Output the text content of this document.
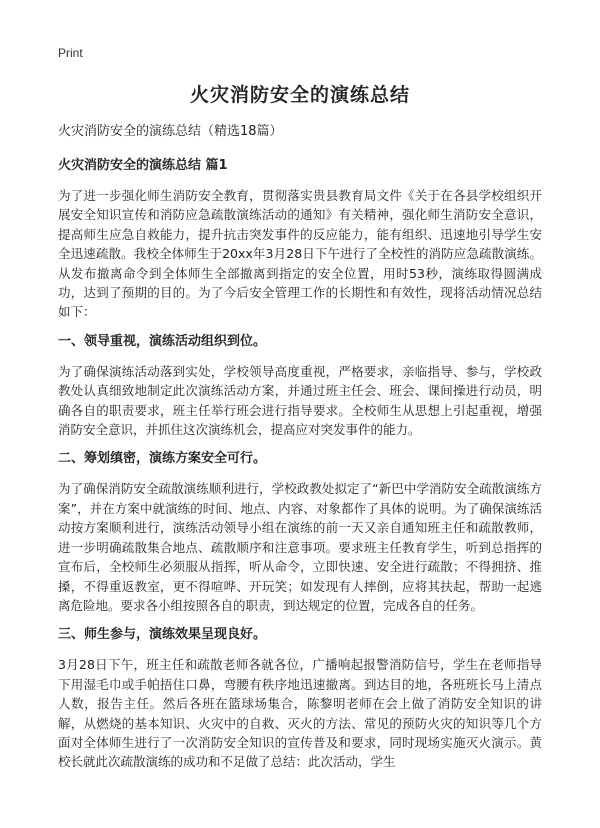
Print
火灾消防安全的演练总结

火灾消防安全的演练总结（精选18篇）

火灾消防安全的演练总结 篇1

为了进一步强化师生消防安全教育，贯彻落实贵县教育局文件《关于在各县学校组织开展安全知识宣传和消防应急疏散演练活动的通知》有关精神，强化师生消防安全意识，提高师生应急自救能力，提升抗击突发事件的反应能力，能有组织、迅速地引导学生安全迅速疏散。我校全体师生于20xx年3月28日下午进行了全校性的消防应急疏散演练。从发布撤离命令到全体师生全部撤离到指定的安全位置，用时53秒，演练取得圆满成功，达到了预期的目的。为了今后安全管理工作的长期性和有效性，现将活动情况总结如下：

一、领导重视，演练活动组织到位。

为了确保演练活动落到实处，学校领导高度重视，严格要求，亲临指导、参与，学校政教处认真细致地制定此次演练活动方案，并通过班主任会、班会、课间操进行动员，明确各自的职责要求，班主任举行班会进行指导要求。全校师生从思想上引起重视，增强消防安全意识，并抓住这次演练机会，提高应对突发事件的能力。

二、筹划缜密，演练方案安全可行。

为了确保消防安全疏散演练顺利进行，学校政教处拟定了“新巴中学消防安全疏散演练方案”，并在方案中就演练的时间、地点、内容、对象都作了具体的说明。为了确保演练活动按方案顺利进行，演练活动领导小组在演练的前一天又亲自通知班主任和疏散教师，进一步明确疏散集合地点、疏散顺序和注意事项。要求班主任教育学生，听到总指挥的宣布后，全校师生必须服从指挥，听从命令，立即快速、安全进行疏散；不得拥挤、推搡，不得重返教室，更不得喧哗、开玩笑；如发现有人摔倒，应将其扶起，帮助一起逃离危险地。要求各小组按照各自的职责，到达规定的位置，完成各自的任务。

三、师生参与，演练效果呈现良好。

3月28日下午，班主任和疏散老师各就各位，广播响起报警消防信号，学生在老师指导下用湿毛巾或手帕捂住口鼻，弯腰有秩序地迅速撤离。到达目的地，各班班长马上清点人数，报告主任。然后各班在篮球场集合，陈黎明老师在会上做了消防安全知识的讲解，从燃烧的基本知识、火灾中的自救、灭火的方法、常见的预防火灾的知识等几个方面对全体师生进行了一次消防安全知识的宣传普及和要求，同时现场实施灭火演示。黄校长就此次疏散演练的成功和不足做了总结：此次活动，学生
